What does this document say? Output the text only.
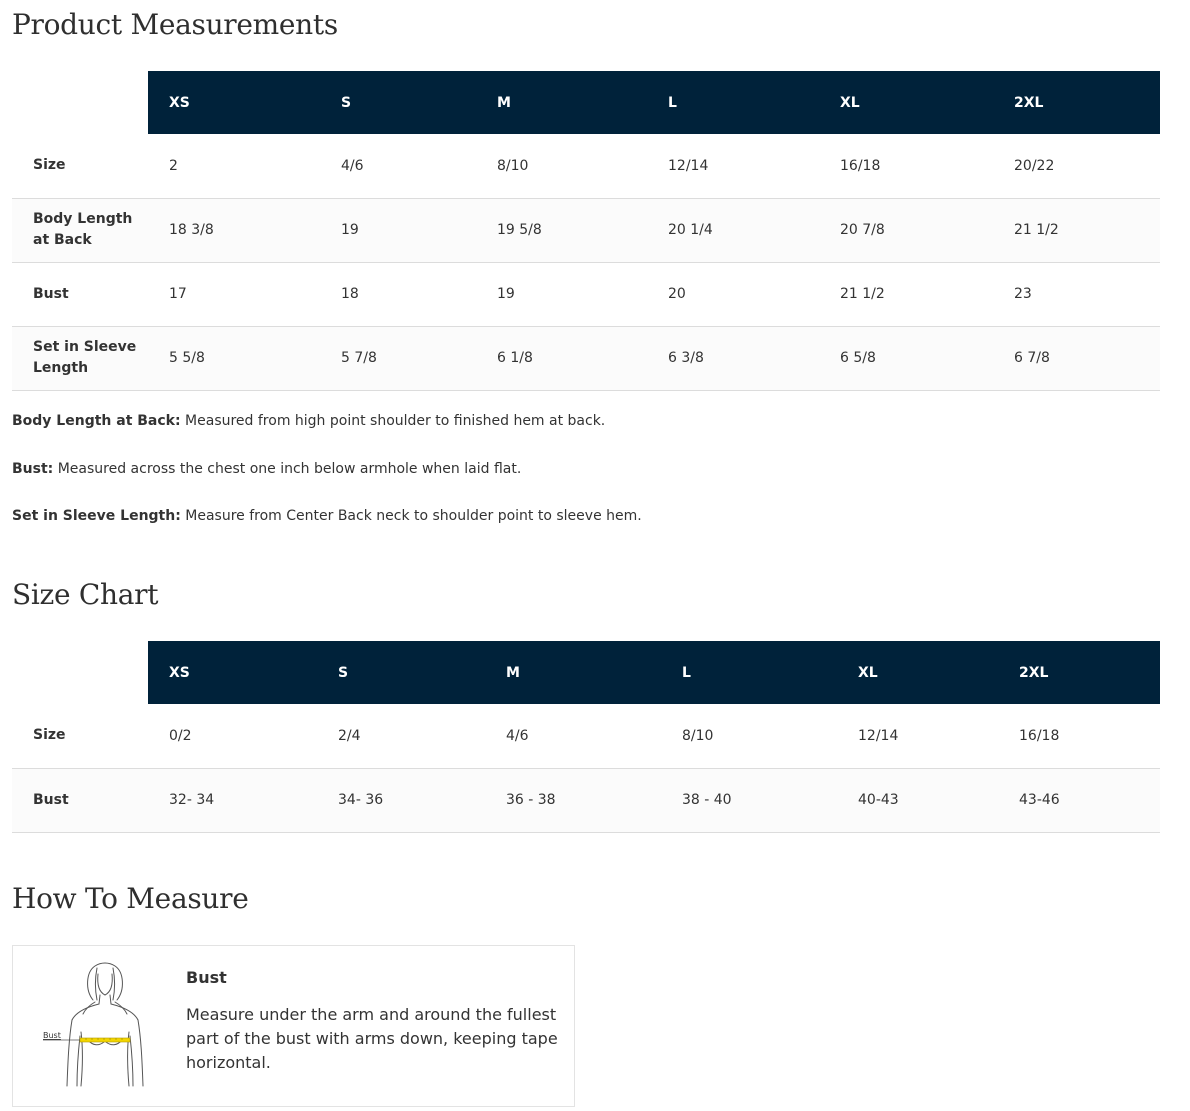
Product Measurements
	XS	S	M	L	XL	2XL
Size	2	4/6	8/10	12/14	16/18	20/22
Body Length at Back	18 3/8	19	19 5/8	20 1/4	20 7/8	21 1/2
Bust	17	18	19	20	21 1/2	23
Set in Sleeve Length	5 5/8	5 7/8	6 1/8	6 3/8	6 5/8	6 7/8

Body Length at Back: Measured from high point shoulder to finished hem at back.

Bust: Measured across the chest one inch below armhole when laid flat.

Set in Sleeve Length: Measure from Center Back neck to shoulder point to sleeve hem.

Size Chart
	XS	S	M	L	XL	2XL
Size	0/2	2/4	4/6	8/10	12/14	16/18
Bust	32- 34	34- 36	36 - 38	38 - 40	40-43	43-46
How To Measure
Bust
Bust

Measure under the arm and around the fullest part of the bust with arms down, keeping tape horizontal.
